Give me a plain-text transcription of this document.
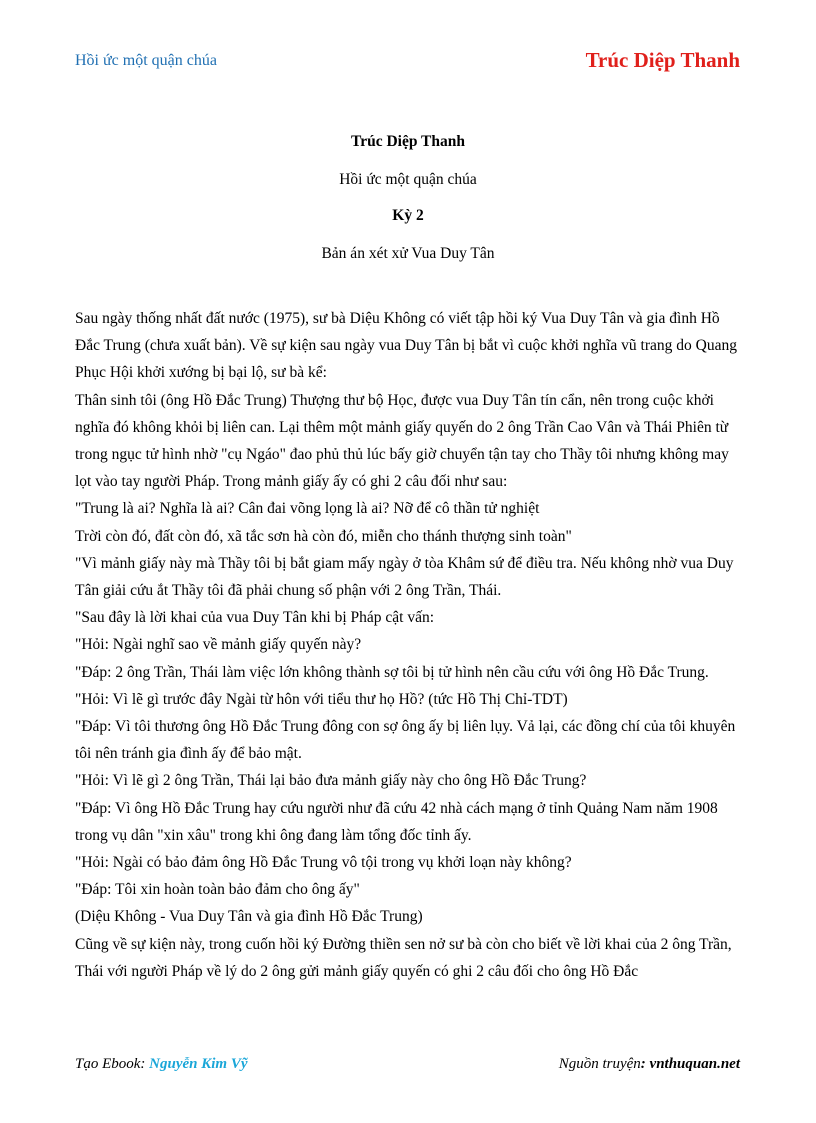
Hồi ức một quận chúa	Trúc Diệp Thanh
Trúc Diệp Thanh
Hồi ức một quận chúa
Kỳ 2
Bản án xét xử Vua Duy Tân

Sau ngày thống nhất đất nước (1975), sư bà Diệu Không có viết tập hồi ký Vua Duy Tân và gia đình Hồ Đắc Trung (chưa xuất bản). Về sự kiện sau ngày vua Duy Tân bị bắt vì cuộc khởi nghĩa vũ trang do Quang Phục Hội khởi xướng bị bại lộ, sư bà kể:

Thân sinh tôi (ông Hồ Đắc Trung) Thượng thư bộ Học, được vua Duy Tân tín cẩn, nên trong cuộc khởi nghĩa đó không khỏi bị liên can. Lại thêm một mảnh giấy quyến do 2 ông Trần Cao Vân và Thái Phiên từ trong ngục tử hình nhờ "cụ Ngáo" đao phủ thủ lúc bấy giờ chuyển tận tay cho Thầy tôi nhưng không may lọt vào tay người Pháp. Trong mảnh giấy ấy có ghi 2 câu đối như sau:

"Trung là ai? Nghĩa là ai? Cân đai võng lọng là ai? Nỡ để cô thần tử nghiệt

Trời còn đó, đất còn đó, xã tắc sơn hà còn đó, miễn cho thánh thượng sinh toàn"

"Vì mảnh giấy này mà Thầy tôi bị bắt giam mấy ngày ở tòa Khâm sứ để điều tra. Nếu không nhờ vua Duy Tân giải cứu ắt Thầy tôi đã phải chung số phận với 2 ông Trần, Thái.

"Sau đây là lời khai của vua Duy Tân khi bị Pháp cật vấn:

"Hỏi: Ngài nghĩ sao về mảnh giấy quyến này?

"Đáp: 2 ông Trần, Thái làm việc lớn không thành sợ tôi bị tử hình nên cầu cứu với ông Hồ Đắc Trung.

"Hỏi: Vì lẽ gì trước đây Ngài từ hôn với tiểu thư họ Hồ? (tức Hồ Thị Chỉ-TDT)

"Đáp: Vì tôi thương ông Hồ Đắc Trung đông con sợ ông ấy bị liên lụy. Vả lại, các đồng chí của tôi khuyên tôi nên tránh gia đình ấy để bảo mật.

"Hỏi: Vì lẽ gì 2 ông Trần, Thái lại bảo đưa mảnh giấy này cho ông Hồ Đắc Trung?

"Đáp: Vì ông Hồ Đắc Trung hay cứu người như đã cứu 42 nhà cách mạng ở tỉnh Quảng Nam năm 1908 trong vụ dân "xin xâu" trong khi ông đang làm tổng đốc tỉnh ấy.

"Hỏi: Ngài có bảo đảm ông Hồ Đắc Trung vô tội trong vụ khởi loạn này không?

"Đáp: Tôi xin hoàn toàn bảo đảm cho ông ấy"

(Diệu Không - Vua Duy Tân và gia đình Hồ Đắc Trung)

Cũng về sự kiện này, trong cuốn hồi ký Đường thiền sen nở sư bà còn cho biết về lời khai của 2 ông Trần, Thái với người Pháp về lý do 2 ông gửi mảnh giấy quyến có ghi 2 câu đối cho ông Hồ Đắc

Tạo Ebook: Nguyễn Kim Vỹ	Nguồn truyện: vnthuquan.net
